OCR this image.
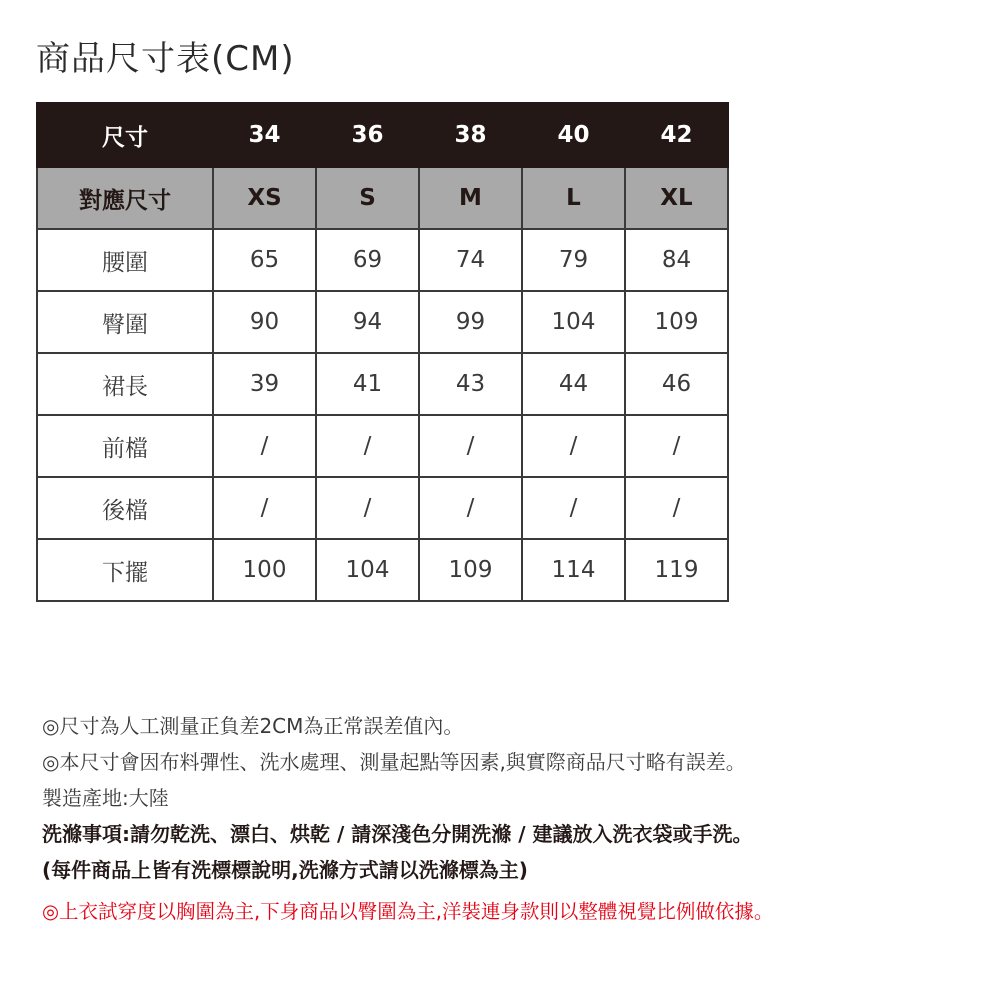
商品尺寸表(CM)
尺寸	34	36	38	40	42
對應尺寸	XS	S	M	L	XL
腰圍	65	69	74	79	84
臀圍	90	94	99	104	109
裙長	39	41	43	44	46
前檔	/	/	/	/	/
後檔	/	/	/	/	/
下擺	100	104	109	114	119
◎尺寸為人工測量正負差2CM為正常誤差值內。
◎本尺寸會因布料彈性、洗水處理、測量起點等因素,與實際商品尺寸略有誤差。
製造產地:大陸
洗滌事項:請勿乾洗、漂白、烘乾 / 請深淺色分開洗滌 / 建議放入洗衣袋或手洗。
(每件商品上皆有洗標標說明,洗滌方式請以洗滌標為主)
◎上衣試穿度以胸圍為主,下身商品以臀圍為主,洋裝連身款則以整體視覺比例做依據。
